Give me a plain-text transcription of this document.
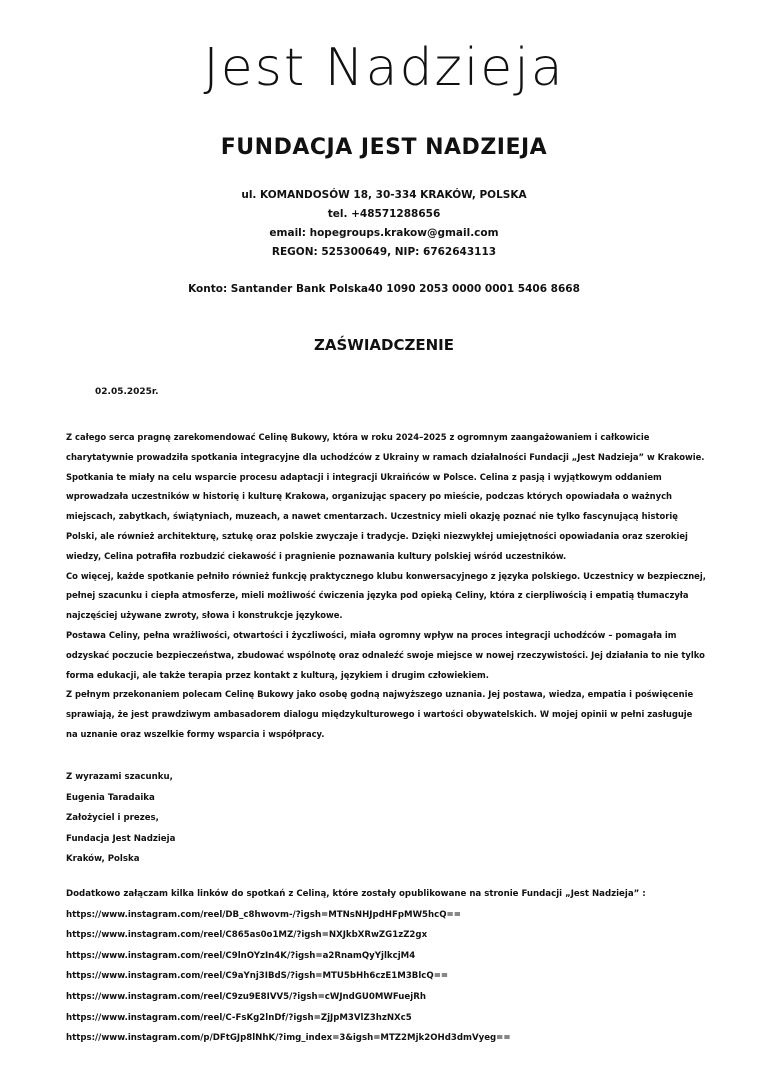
Jest Nadzieja
FUNDACJA JEST NADZIEJA
ul. KOMANDOSÓW 18, 30-334 KRAKÓW, POLSKA
tel. +48571288656
email: hopegroups.krakow@gmail.com
REGON: 525300649, NIP: 6762643113
Konto: Santander Bank Polska40 1090 2053 0000 0001 5406 8668
ZAŚWIADCZENIE
02.05.2025r.

Z całego serca pragnę zarekomendować Celinę Bukowy, która w roku 2024–2025 z ogromnym zaangażowaniem i całkowicie charytatywnie prowadziła spotkania integracyjne dla uchodźców z Ukrainy w ramach działalności Fundacji „Jest Nadzieja” w Krakowie.

Spotkania te miały na celu wsparcie procesu adaptacji i integracji Ukraińców w Polsce. Celina z pasją i wyjątkowym oddaniem wprowadzała uczestników w historię i kulturę Krakowa, organizując spacery po mieście, podczas których opowiadała o ważnych miejscach, zabytkach, świątyniach, muzeach, a nawet cmentarzach. Uczestnicy mieli okazję poznać nie tylko fascynującą historię Polski, ale również architekturę, sztukę oraz polskie zwyczaje i tradycje. Dzięki niezwykłej umiejętności opowiadania oraz szerokiej wiedzy, Celina potrafiła rozbudzić ciekawość i pragnienie poznawania kultury polskiej wśród uczestników.

Co więcej, każde spotkanie pełniło również funkcję praktycznego klubu konwersacyjnego z języka polskiego. Uczestnicy w bezpiecznej, pełnej szacunku i ciepła atmosferze, mieli możliwość ćwiczenia języka pod opieką Celiny, która z cierpliwością i empatią tłumaczyła najczęściej używane zwroty, słowa i konstrukcje językowe.

Postawa Celiny, pełna wrażliwości, otwartości i życzliwości, miała ogromny wpływ na proces integracji uchodźców – pomagała im odzyskać poczucie bezpieczeństwa, zbudować wspólnotę oraz odnaleźć swoje miejsce w nowej rzeczywistości. Jej działania to nie tylko forma edukacji, ale także terapia przez kontakt z kulturą, językiem i drugim człowiekiem.

Z pełnym przekonaniem polecam Celinę Bukowy jako osobę godną najwyższego uznania. Jej postawa, wiedza, empatia i poświęcenie sprawiają, że jest prawdziwym ambasadorem dialogu międzykulturowego i wartości obywatelskich. W mojej opinii w pełni zasługuje na uznanie oraz wszelkie formy wsparcia i współpracy.

Z wyrazami szacunku,
Eugenia Taradaika
Założyciel i prezes,
Fundacja Jest Nadzieja
Kraków, Polska
Dodatkowo załączam kilka linków do spotkań z Celiną, które zostały opublikowane na stronie Fundacji „Jest Nadzieja” :
https://www.instagram.com/reel/DB_c8hwovm-/?igsh=MTNsNHJpdHFpMW5hcQ==
https://www.instagram.com/reel/C865as0o1MZ/?igsh=NXJkbXRwZG1zZ2gx
https://www.instagram.com/reel/C9lnOYzIn4K/?igsh=a2RnamQyYjlkcjM4
https://www.instagram.com/reel/C9aYnj3IBdS/?igsh=MTU5bHh6czE1M3BlcQ==
https://www.instagram.com/reel/C9zu9E8IVV5/?igsh=cWJndGU0MWFuejRh
https://www.instagram.com/reel/C-FsKg2lnDf/?igsh=ZjJpM3VlZ3hzNXc5
https://www.instagram.com/p/DFtGJp8lNhK/?img_index=3&igsh=MTZ2Mjk2OHd3dmVyeg==
